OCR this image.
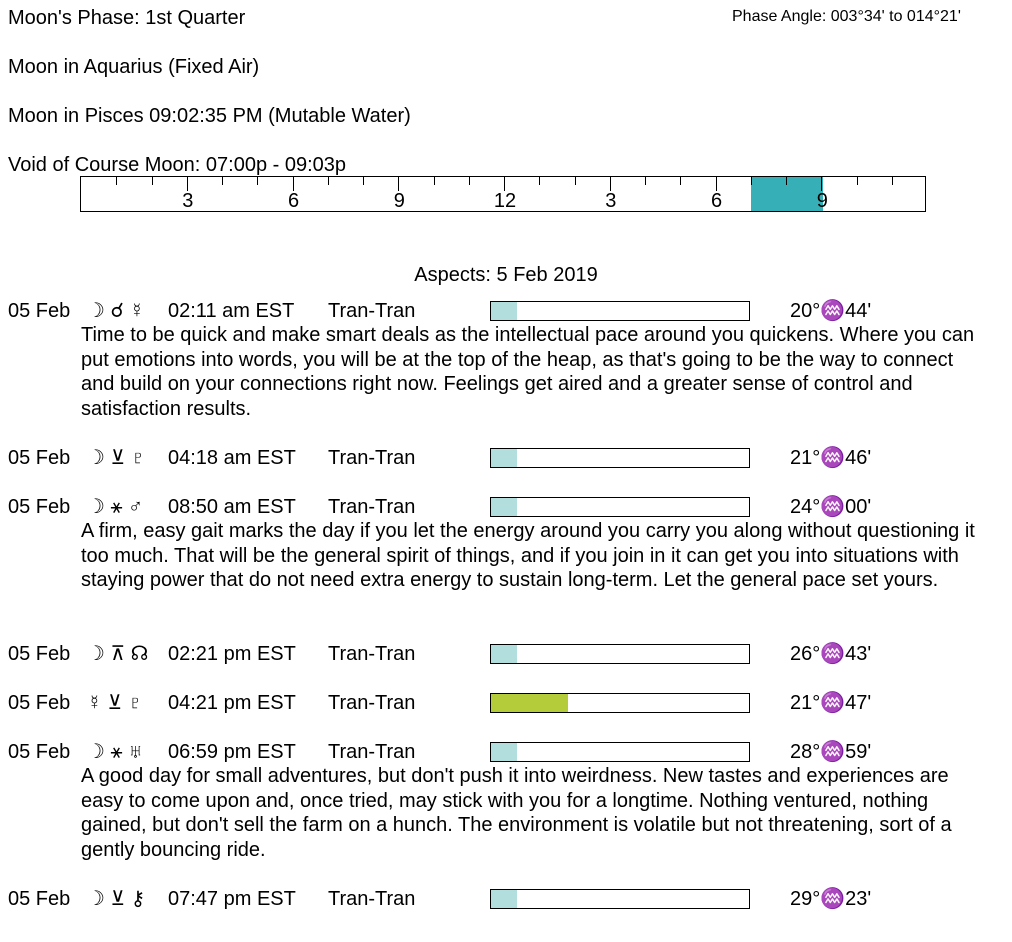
Moon's Phase: 1st Quarter	Phase Angle: 003°34' to 014°21'
Moon in Aquarius (Fixed Air)
Moon in Pisces 09:02:35 PM (Mutable Water)
Void of Course Moon: 07:00p - 09:03p
3	6	9	12	3	6	9
Aspects: 5 Feb 2019
05 Feb ☽ ☌ ☿ 02:11 am EST Tran-Tran	20°♒44'
Time to be quick and make smart deals as the intellectual pace around you quickens. Where you can put emotions into words, you will be at the top of the heap, as that's going to be the way to connect and build on your connections right now. Feelings get aired and a greater sense of control and satisfaction results.
05 Feb ☽ ⊻ ♇ 04:18 am EST Tran-Tran	21°♒46'
05 Feb ☽ ⚹ ♂ 08:50 am EST Tran-Tran	24°♒00'
A firm, easy gait marks the day if you let the energy around you carry you along without questioning it too much. That will be the general spirit of things, and if you join in it can get you into situations with staying power that do not need extra energy to sustain long-term. Let the general pace set yours.
05 Feb ☽ ⊼ ☊ 02:21 pm EST Tran-Tran	26°♒43'
05 Feb ☿ ⊻ ♇ 04:21 pm EST Tran-Tran	21°♒47'
05 Feb ☽ ⚹ ♅ 06:59 pm EST Tran-Tran	28°♒59'
A good day for small adventures, but don't push it into weirdness. New tastes and experiences are easy to come upon and, once tried, may stick with you for a longtime. Nothing ventured, nothing gained, but don't sell the farm on a hunch. The environment is volatile but not threatening, sort of a gently bouncing ride.
05 Feb ☽ ⊻ ⚷ 07:47 pm EST Tran-Tran	29°♒23'
